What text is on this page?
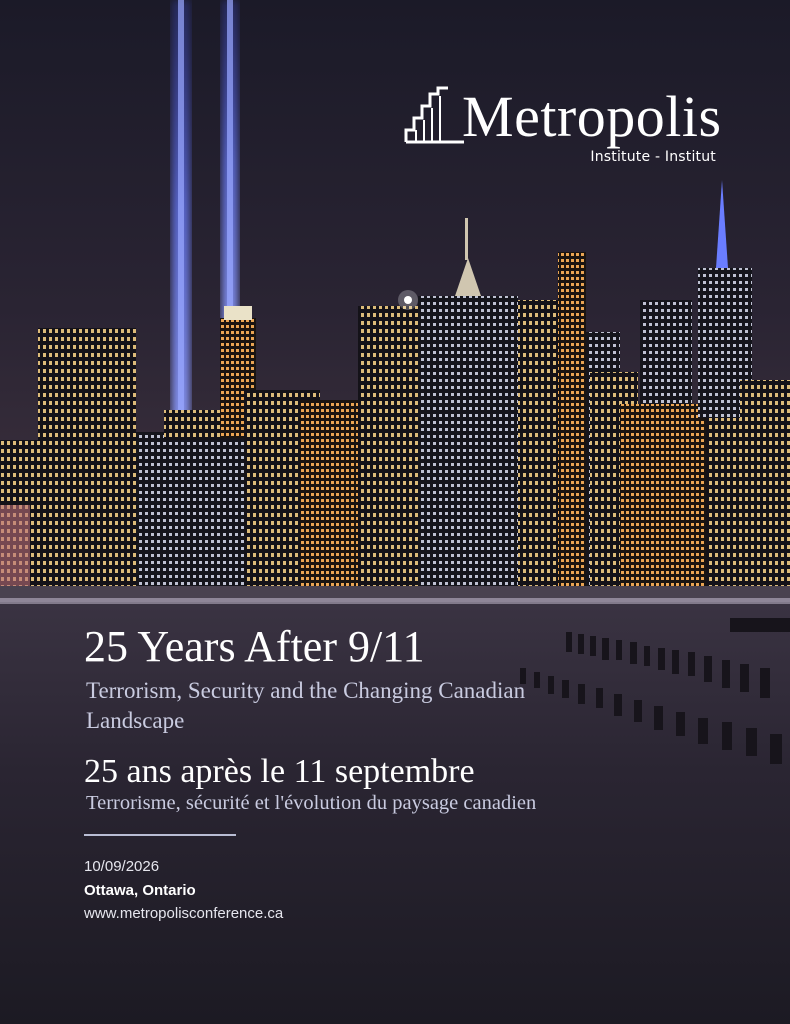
Metropolis
Institute - Institut
25 Years After 9/11
Terrorism, Security and the Changing Canadian Landscape
25 ans après le 11 septembre
Terrorisme, sécurité et l'évolution du paysage canadien
10/09/2026
Ottawa, Ontario
www.metropolisconference.ca
